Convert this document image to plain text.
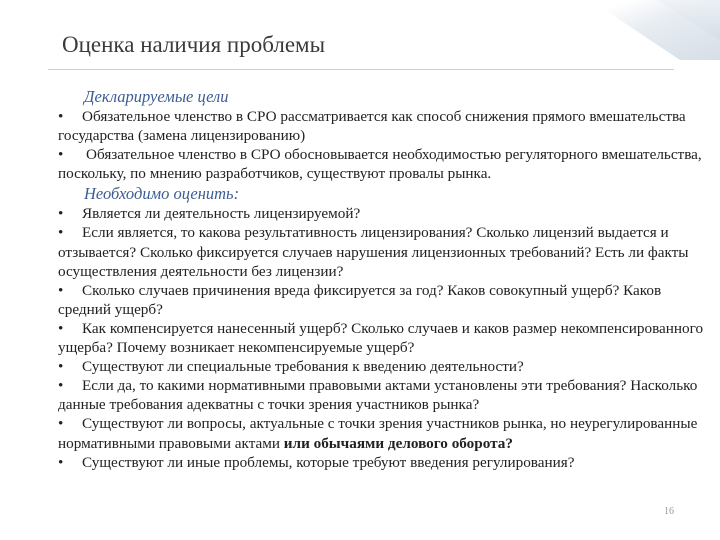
Оценка наличия проблемы
Декларируемые цели

• Обязательное членство в СРО рассматривается как способ снижения прямого вмешательства государства (замена лицензированию)

• Обязательное членство в СРО обосновывается необходимостью регуляторного вмешательства, поскольку, по мнению разработчиков, существуют провалы рынка.

Необходимо оценить:

• Является ли деятельность лицензируемой?

• Если является, то какова результативность лицензирования? Сколько лицензий выдается и отзывается? Сколько фиксируется случаев нарушения лицензионных требований? Есть ли факты осуществления деятельности без лицензии?

• Сколько случаев причинения вреда фиксируется за год? Каков совокупный ущерб? Каков средний ущерб?

• Как компенсируется нанесенный ущерб? Сколько случаев и каков размер некомпенсированного ущерба? Почему возникает некомпенсируемые ущерб?

• Существуют ли специальные требования к введению деятельности?

• Если да, то какими нормативными правовыми актами установлены эти требования? Насколько данные требования адекватны с точки зрения участников рынка?

• Существуют ли вопросы, актуальные с точки зрения участников рынка, но неурегулированные нормативными правовыми актами или обычаями делового оборота?

• Существуют ли иные проблемы, которые требуют введения регулирования?

16
